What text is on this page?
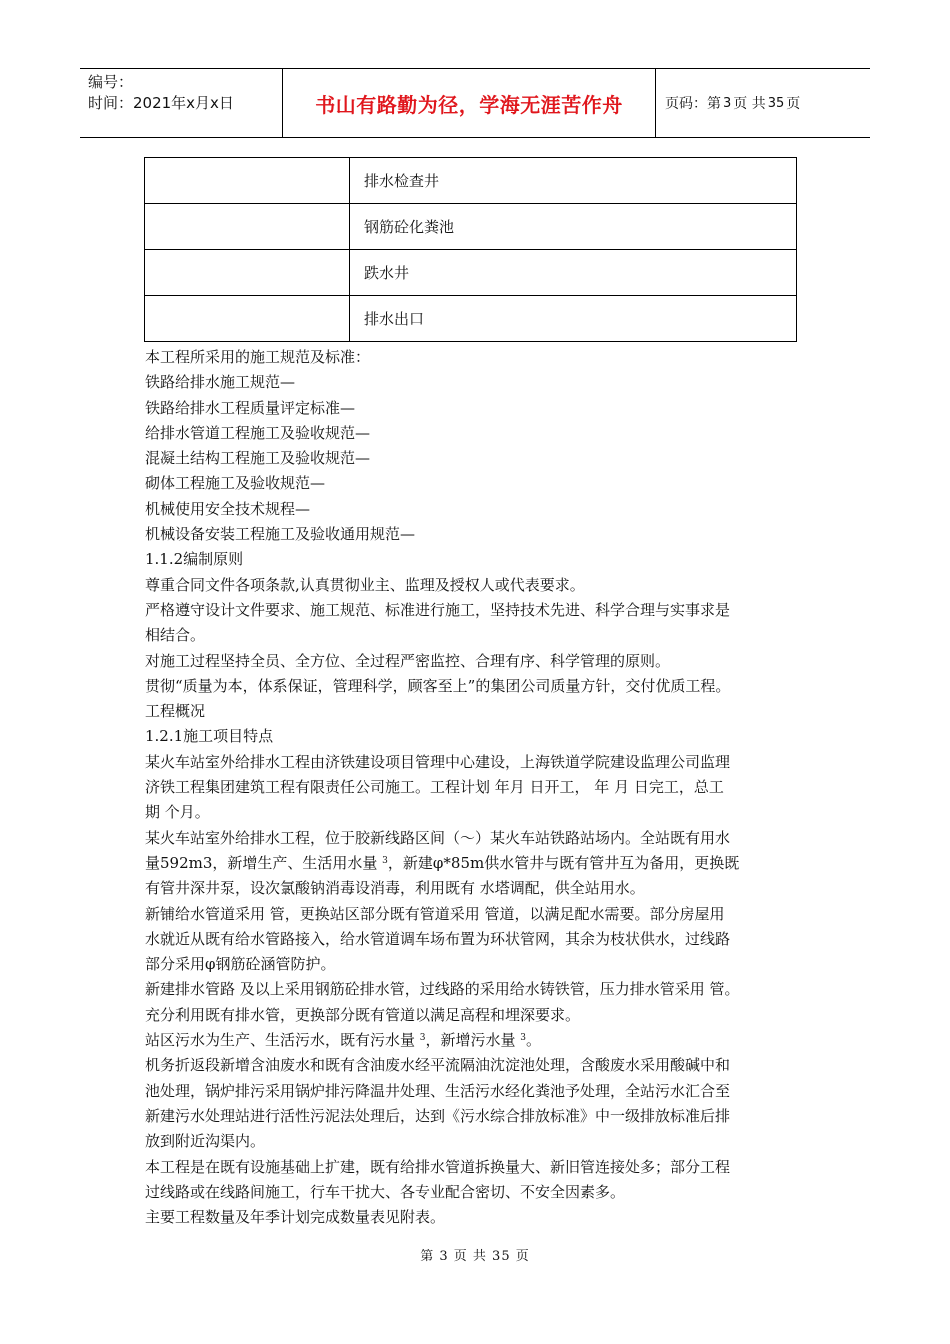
编号：
时间：2021年x月x日	书山有路勤为径，学海无涯苦作舟	页码：第 3 页 共 35 页
	排水检查井
	钢筋砼化粪池
	跌水井
	排水出口

本工程所采用的施工规范及标准：

铁路给排水施工规范—

铁路给排水工程质量评定标准—

给排水管道工程施工及验收规范—

混凝土结构工程施工及验收规范—

砌体工程施工及验收规范—

机械使用安全技术规程—

机械设备安装工程施工及验收通用规范—

1.1.2编制原则

尊重合同文件各项条款,认真贯彻业主、监理及授权人或代表要求。

严格遵守设计文件要求、施工规范、标准进行施工，坚持技术先进、科学合理与实事求是

相结合。

对施工过程坚持全员、全方位、全过程严密监控、合理有序、科学管理的原则。

贯彻“质量为本，体系保证，管理科学，顾客至上”的集团公司质量方针，交付优质工程。

工程概况

1.2.1施工项目特点

某火车站室外给排水工程由济铁建设项目管理中心建设，上海铁道学院建设监理公司监理

济铁工程集团建筑工程有限责任公司施工。工程计划 年月 日开工， 年 月 日完工，总工

期 个月。

某火车站室外给排水工程，位于胶新线路区间（～）某火车站铁路站场内。全站既有用水

量592m3，新增生产、生活用水量 $^3$，新建φ*85m供水管井与既有管井互为备用，更换既

有管井深井泵，设次氯酸钠消毒设消毒，利用既有 水塔调配，供全站用水。

新铺给水管道采用 管，更换站区部分既有管道采用 管道，以满足配水需要。部分房屋用

水就近从既有给水管路接入，给水管道调车场布置为环状管网，其余为枝状供水，过线路

部分采用φ钢筋砼涵管防护。

新建排水管路 及以上采用钢筋砼排水管，过线路的采用给水铸铁管，压力排水管采用 管。

充分利用既有排水管，更换部分既有管道以满足高程和埋深要求。

站区污水为生产、生活污水，既有污水量 $^3$，新增污水量 $^3$。

机务折返段新增含油废水和既有含油废水经平流隔油沈淀池处理，含酸废水采用酸碱中和

池处理，锅炉排污采用锅炉排污降温井处理、生活污水经化粪池予处理，全站污水汇合至

新建污水处理站进行活性污泥法处理后，达到《污水综合排放标准》中一级排放标准后排

放到附近沟渠内。

本工程是在既有设施基础上扩建，既有给排水管道拆换量大、新旧管连接处多；部分工程

过线路或在线路间施工，行车干扰大、各专业配合密切、不安全因素多。

主要工程数量及年季计划完成数量表见附表。

第 3 页 共 35 页
